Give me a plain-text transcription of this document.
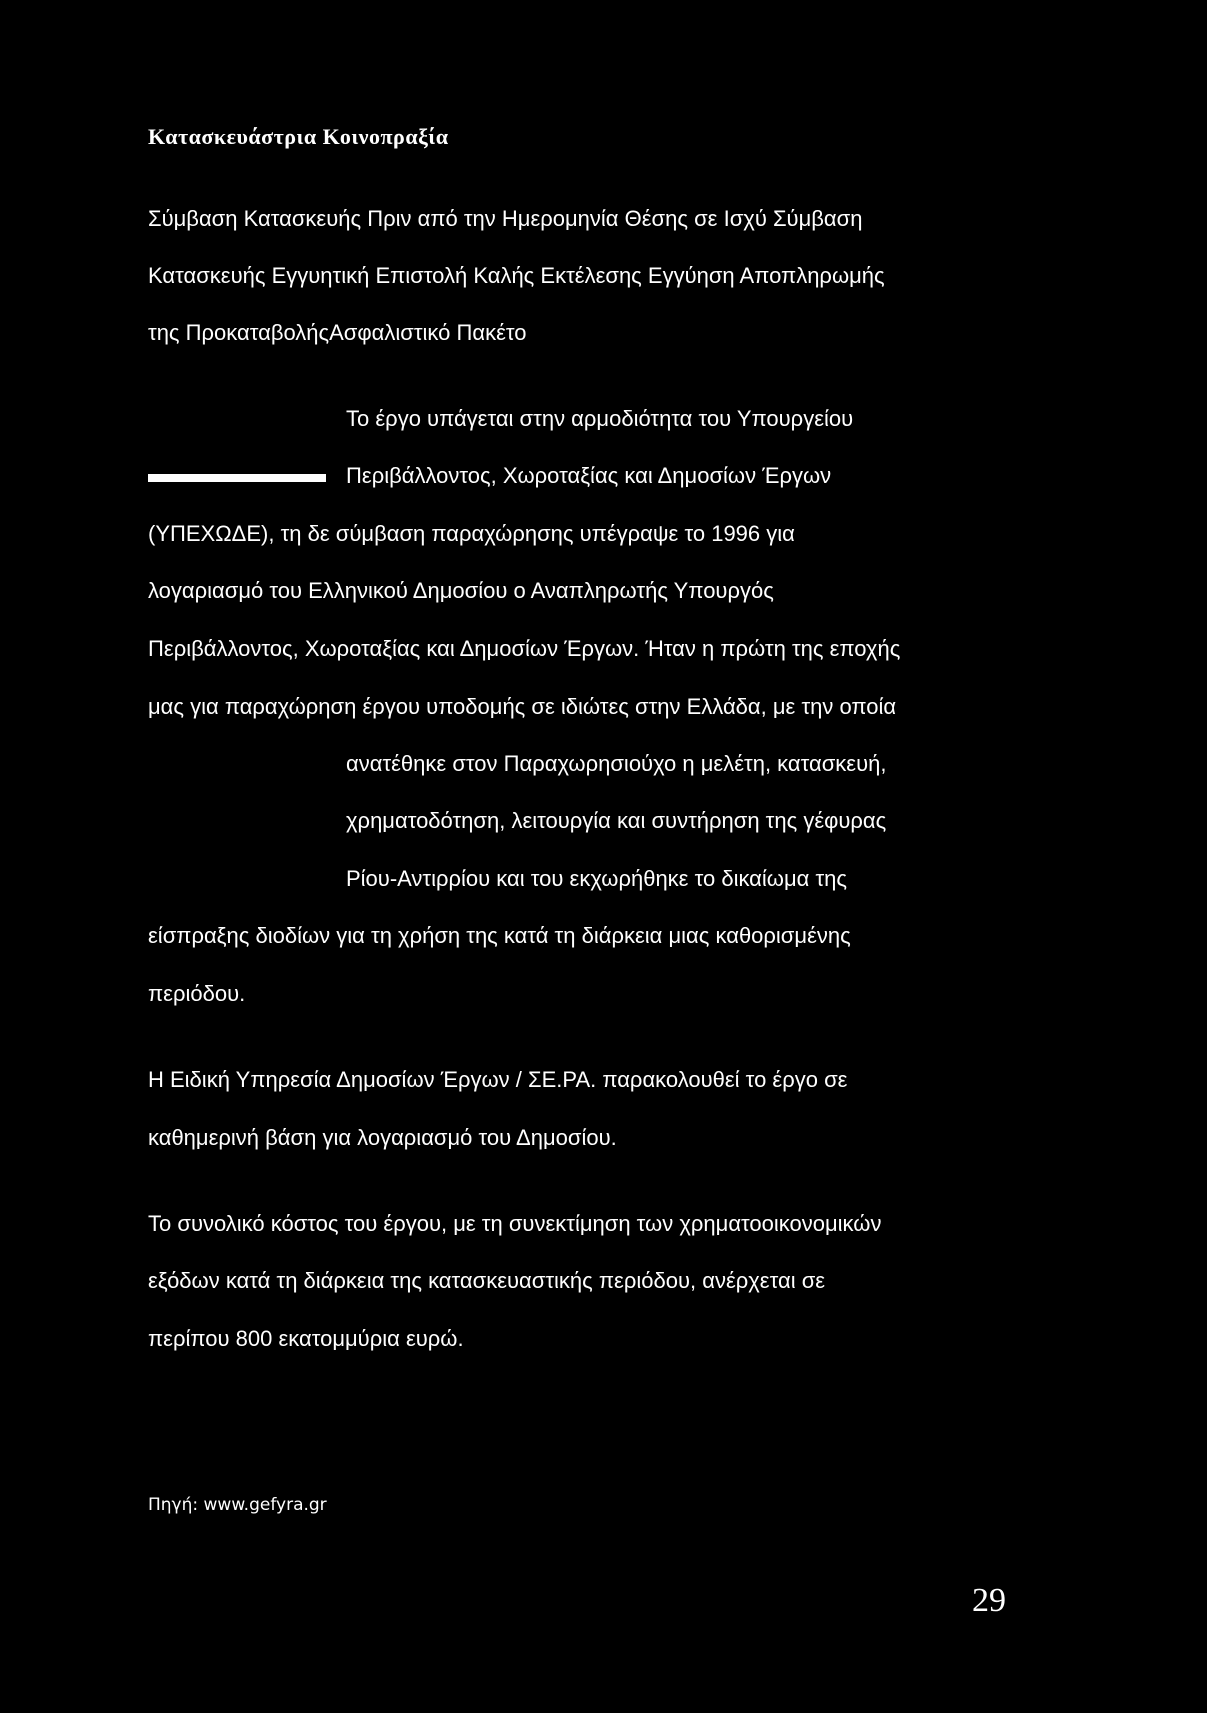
Κατασκευάστρια Κοινοπραξία
Σύμβαση Κατασκευής Πριν από την Ημερομηνία Θέσης σε Ισχύ Σύμβαση
Κατασκευής Εγγυητική Επιστολή Καλής Εκτέλεσης Εγγύηση Αποπληρωμής
της ΠροκαταβολήςΑσφαλιστικό Πακέτο
Το έργο υπάγεται στην αρμοδιότητα του Υπουργείου
Περιβάλλοντος, Χωροταξίας και Δημοσίων Έργων
(ΥΠΕΧΩΔΕ), τη δε σύμβαση παραχώρησης υπέγραψε το 1996 για
λογαριασμό του Ελληνικού Δημοσίου ο Αναπληρωτής Υπουργός
Περιβάλλοντος, Χωροταξίας και Δημοσίων Έργων. Ήταν η πρώτη της εποχής
μας για παραχώρηση έργου υποδομής σε ιδιώτες στην Ελλάδα, με την οποία
ανατέθηκε στον Παραχωρησιούχο η μελέτη, κατασκευή,
χρηματοδότηση, λειτουργία και συντήρηση της γέφυρας
Ρίου-Αντιρρίου και του εκχωρήθηκε το δικαίωμα της
είσπραξης διοδίων για τη χρήση της κατά τη διάρκεια μιας καθορισμένης
περιόδου.
Η Ειδική Υπηρεσία Δημοσίων Έργων / ΣΕ.ΡΑ. παρακολουθεί το έργο σε
καθημερινή βάση για λογαριασμό του Δημοσίου.
Το συνολικό κόστος του έργου, με τη συνεκτίμηση των χρηματοοικονομικών
εξόδων κατά τη διάρκεια της κατασκευαστικής περιόδου, ανέρχεται σε
περίπου 800 εκατομμύρια ευρώ.
Πηγή: www.gefyra.gr
29
